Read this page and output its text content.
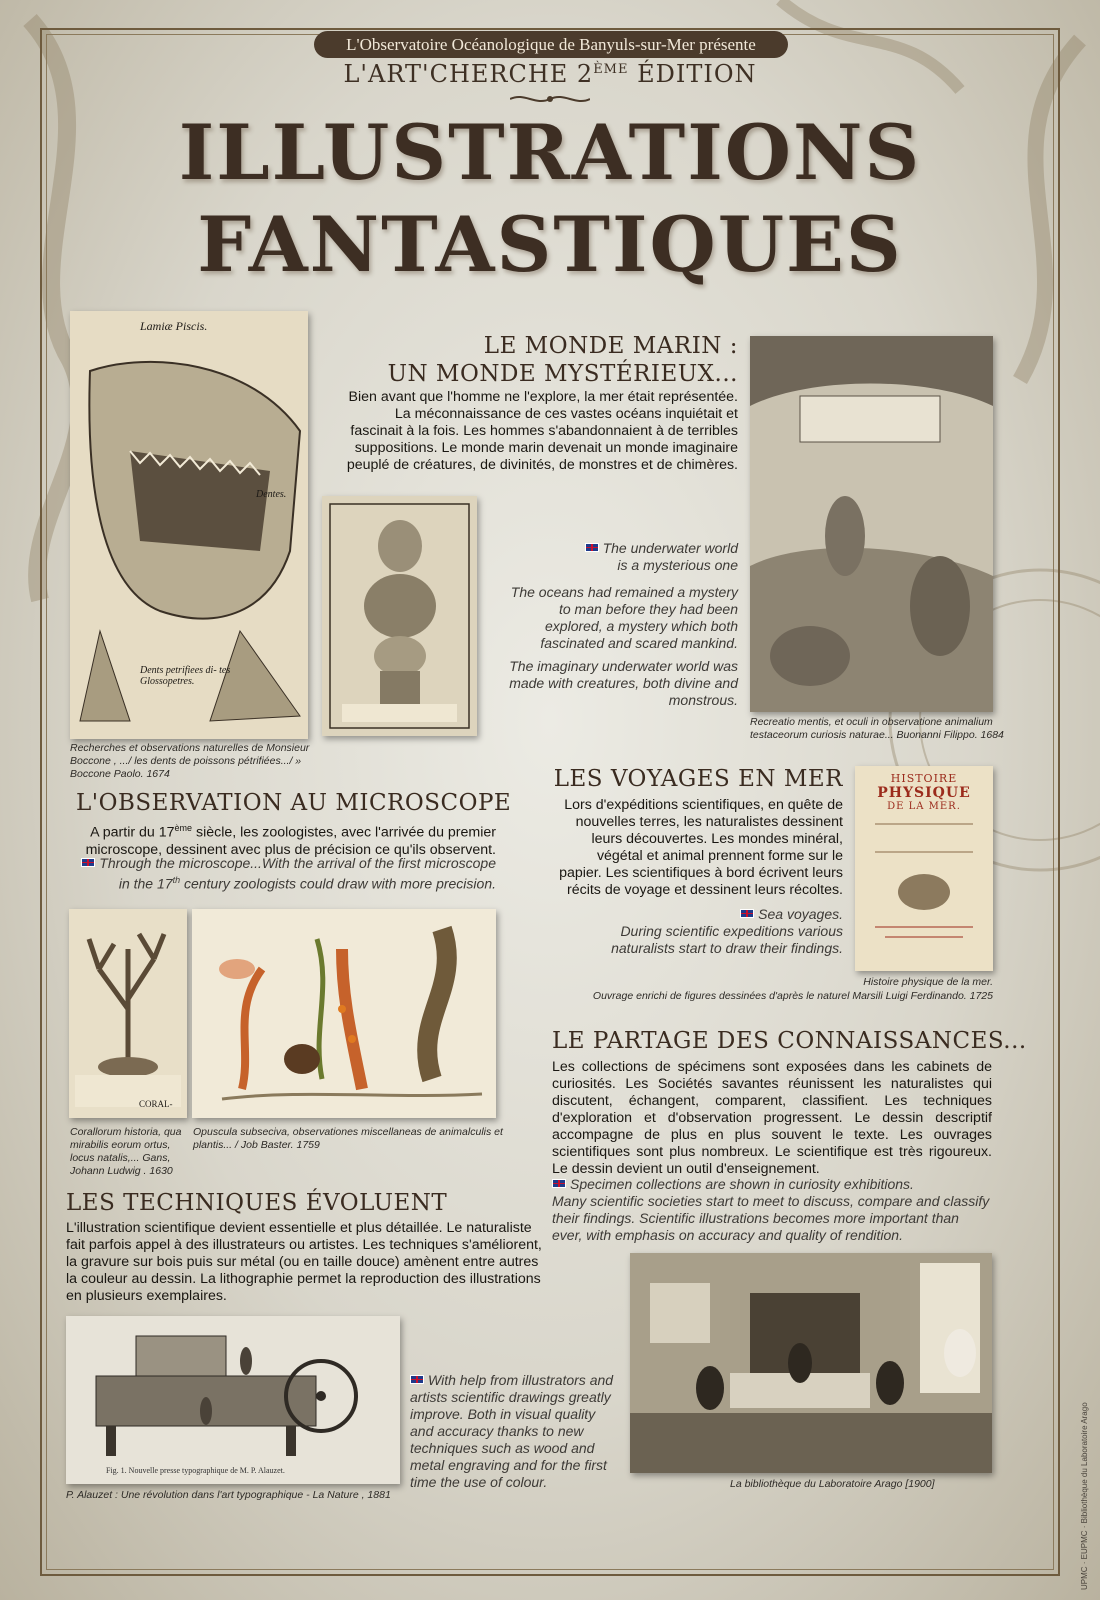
L'Observatoire Océanologique de Banyuls-sur-Mer présente
L'ART'CHERCHE 2ÈME ÉDITION
ILLUSTRATIONS
FANTASTIQUES
Lamiæ Piscis.
Dentes.
Dents petrifiees di- tes Glossopetres.
Recherches et observations naturelles de Monsieur Boccone , .../ les dents de poissons pétrifiées.../ » Boccone Paolo. 1674
LE MONDE MARIN :
UN MONDE MYSTÉRIEUX...
Bien avant que l'homme ne l'explore, la mer était représentée. La méconnaissance de ces vastes océans inquiétait et fascinait à la fois. Les hommes s'abandonnaient à de terribles suppositions. Le monde marin devenait un monde imaginaire peuplé de créatures, de divinités, de monstres et de chimères.
The underwater world
is a mysterious one
The oceans had remained a mystery to man before they had been explored, a mystery which both fascinated and scared mankind.
The imaginary underwater world was made with creatures, both divine and monstrous.
Recreatio mentis, et oculi in observatione animalium testaceorum curiosis naturae... Buonanni Filippo. 1684
L'OBSERVATION AU MICROSCOPE
A partir du 17ème siècle, les zoologistes, avec l'arrivée du premier microscope, dessinent avec plus de précision ce qu'ils observent.
Through the microscope...With the arrival of the first microscope in the 17th century zoologists could draw with more precision.
CORAL-
Corallorum historia, qua mirabilis eorum ortus, locus natalis,... Gans, Johann Ludwig . 1630
Opuscula subseciva, observationes miscellaneas de animalculis et plantis... / Job Baster. 1759
LES VOYAGES EN MER
Lors d'expéditions scientifiques, en quête de nouvelles terres, les naturalistes dessinent leurs découvertes. Les mondes minéral, végétal et animal prennent forme sur le papier. Les scientifiques à bord écrivent leurs récits de voyage et dessinent leurs récoltes.
Sea voyages.
During scientific expeditions various naturalists start to draw their findings.
HISTOIRE
PHYSIQUE
DE LA MER.
Histoire physique de la mer.
Ouvrage enrichi de figures dessinées d'après le naturel Marsili Luigi Ferdinando. 1725
LE PARTAGE DES CONNAISSANCES...
Les collections de spécimens sont exposées dans les cabinets de curiosités. Les Sociétés savantes réunissent les naturalistes qui discutent, échangent, comparent, classifient. Les techniques d'exploration et d'observation progressent. Le dessin descriptif accompagne de plus en plus souvent le texte. Les ouvrages scientifiques sont plus nombreux. Le scientifique est très rigoureux. Le dessin devient un outil d'enseignement.
Specimen collections are shown in curiosity exhibitions.
Many scientific societies start to meet to discuss, compare and classify their findings. Scientific illustrations becomes more important than ever, with emphasis on accuracy and quality of rendition.
LES TECHNIQUES ÉVOLUENT
L'illustration scientifique devient essentielle et plus détaillée. Le naturaliste fait parfois appel à des illustrateurs ou artistes. Les techniques s'améliorent, la gravure sur bois puis sur métal (ou en taille douce) amènent entre autres la couleur au dessin. La lithographie permet la reproduction des illustrations en plusieurs exemplaires.
Fig. 1. Nouvelle presse typographique de M. P. Alauzet.
P. Alauzet : Une révolution dans l'art typographique - La Nature , 1881
With help from illustrators and artists scientific drawings greatly improve. Both in visual quality and accuracy thanks to new techniques such as wood and metal engraving and for the first time the use of colour.	La bibliothèque du Laboratoire Arago [1900]	UPMC · EUPMC · Bibliothèque du Laboratoire Arago
